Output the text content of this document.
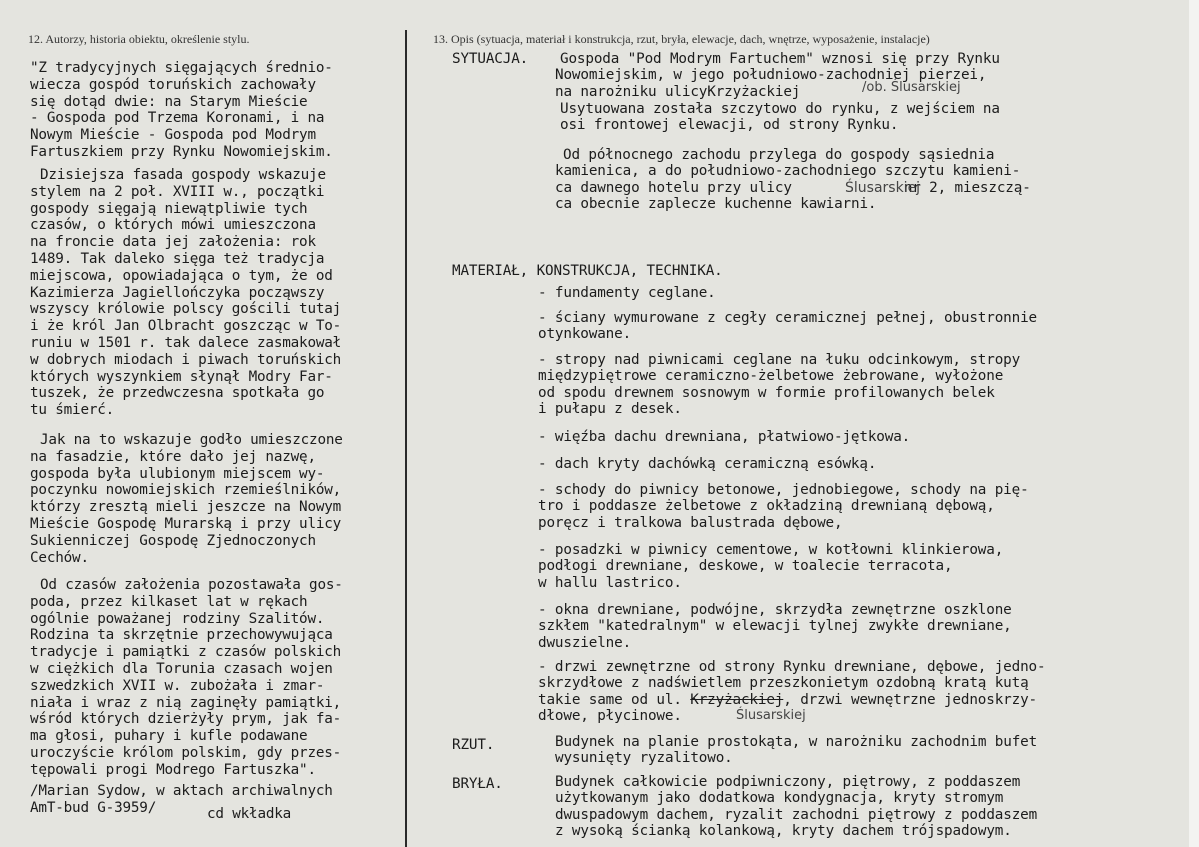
12. Autorzy, historia obiektu, określenie stylu.	13. Opis (sytuacja, materiał i konstrukcja, rzut, bryła, elewacje, dach, wnętrze, wyposażenie, instalacje)
"Z tradycyjnych sięgających średnio-
wiecza gospód toruńskich zachowały
się dotąd dwie: na Starym Mieście
- Gospoda pod Trzema Koronami, i na
Nowym Mieście - Gospoda pod Modrym
Fartuszkiem przy Rynku Nowomiejskim.
Dzisiejsza fasada gospody wskazuje
stylem na 2 poł. XVIII w., początki
gospody sięgają niewątpliwie tych
czasów, o których mówi umieszczona
na froncie data jej założenia: rok
1489. Tak daleko sięga też tradycja
miejscowa, opowiadająca o tym, że od
Kazimierza Jagiellończyka począwszy
wszyscy królowie polscy gościli tutaj
i że król Jan Olbracht goszcząc w To-
runiu w 1501 r. tak dalece zasmakował
w dobrych miodach i piwach toruńskich
których wyszynkiem słynął Modry Far-
tuszek, że przedwczesna spotkała go
tu śmierć.
Jak na to wskazuje godło umieszczone
na fasadzie, które dało jej nazwę,
gospoda była ulubionym miejscem wy-
poczynku nowomiejskich rzemieślników,
którzy zresztą mieli jeszcze na Nowym
Mieście Gospodę Murarską i przy ulicy
Sukienniczej Gospodę Zjednoczonych
Cechów.
Od czasów założenia pozostawała gos-
poda, przez kilkaset lat w rękach
ogólnie poważanej rodziny Szalitów.
Rodzina ta skrzętnie przechowywująca
tradycje i pamiątki z czasów polskich
w ciężkich dla Torunia czasach wojen
szwedzkich XVII w. zubożała i zmar-
niała i wraz z nią zaginęły pamiątki,
wśród których dzierżyły prym, jak fa-
ma głosi, puhary i kufle podawane
uroczyście królom polskim, gdy przes-
tępowali progi Modrego Fartuszka".
/Marian Sydow, w aktach archiwalnych
AmT-bud G-3959/	cd wkładka
SYTUACJA.	Gospoda "Pod Modrym Fartuchem" wznosi się przy Rynku
Nowomiejskim, w jego południowo-zachodniej pierzei,
na narożniku ulicyKrzyżackiej	/ob. Ślusarskiej
Usytuowana została szczytowo do rynku, z wejściem na
osi frontowej elewacji, od strony Rynku.
Od północnego zachodu przylega do gospody sąsiednia
kamienica, a do południowo-zachodniego szczytu kamieni-
ca dawnego hotelu przy ulicy	nr 2, mieszczą-
ca obecnie zaplecze kuchenne kawiarni.
Ślusarskiej
MATERIAŁ, KONSTRUKCJA, TECHNIKA.
- fundamenty ceglane.
- ściany wymurowane z cegły ceramicznej pełnej, obustronnie
otynkowane.
- stropy nad piwnicami ceglane na łuku odcinkowym, stropy
międzypiętrowe ceramiczno-żelbetowe żebrowane, wyłożone
od spodu drewnem sosnowym w formie profilowanych belek
i pułapu z desek.
- więźba dachu drewniana, płatwiowo-jętkowa.
- dach kryty dachówką ceramiczną esówką.
- schody do piwnicy betonowe, jednobiegowe, schody na pię-
tro i poddasze żelbetowe z okładziną drewnianą dębową,
poręcz i tralkowa balustrada dębowe,
- posadzki w piwnicy cementowe, w kotłowni klinkierowa,
podłogi drewniane, deskowe, w toalecie terracota,
w hallu lastrico.
- okna drewniane, podwójne, skrzydła zewnętrzne oszklone
szkłem "katedralnym" w elewacji tylnej zwykłe drewniane,
dwuszielne.
- drzwi zewnętrzne od strony Rynku drewniane, dębowe, jedno-
skrzydłowe z nadświetlem przeszkonietym ozdobną kratą kutą
takie same od ul. Krzyżackiej, drzwi wewnętrzne jednoskrzy-
dłowe, płycinowe.	Ślusarskiej
RZUT.	Budynek na planie prostokąta, w narożniku zachodnim bufet
wysunięty ryzalitowo.
BRYŁA.	Budynek całkowicie podpiwniczony, piętrowy, z poddaszem
użytkowanym jako dodatkowa kondygnacja, kryty stromym
dwuspadowym dachem, ryzalit zachodni piętrowy z poddaszem
z wysoką ścianką kolankową, kryty dachem trójspadowym.
